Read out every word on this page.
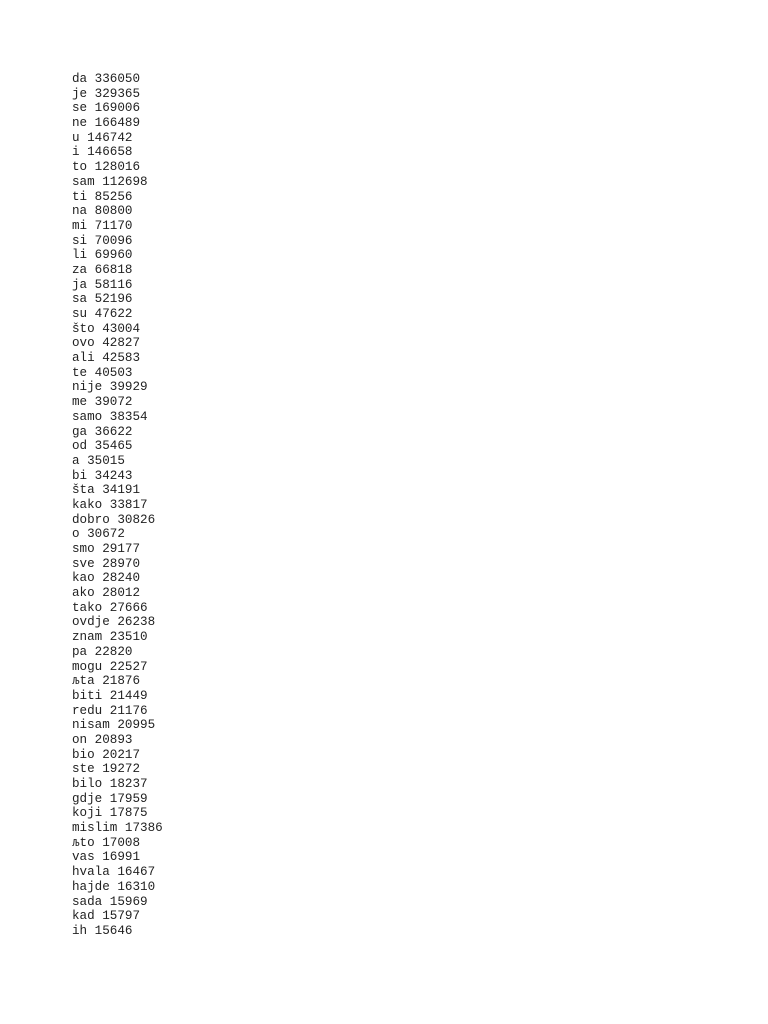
da 336050
je 329365
se 169006
ne 166489
u 146742
i 146658
to 128016
sam 112698
ti 85256
na 80800
mi 71170
si 70096
li 69960
za 66818
ja 58116
sa 52196
su 47622
što 43004
ovo 42827
ali 42583
te 40503
nije 39929
me 39072
samo 38354
ga 36622
od 35465
a 35015
bi 34243
šta 34191
kako 33817
dobro 30826
o 30672
smo 29177
sve 28970
kao 28240
ako 28012
tako 27666
ovdje 26238
znam 23510
pa 22820
mogu 22527
љta 21876
biti 21449
redu 21176
nisam 20995
on 20893
bio 20217
ste 19272
bilo 18237
gdje 17959
koji 17875
mislim 17386
љto 17008
vas 16991
hvala 16467
hajde 16310
sada 15969
kad 15797
ih 15646
